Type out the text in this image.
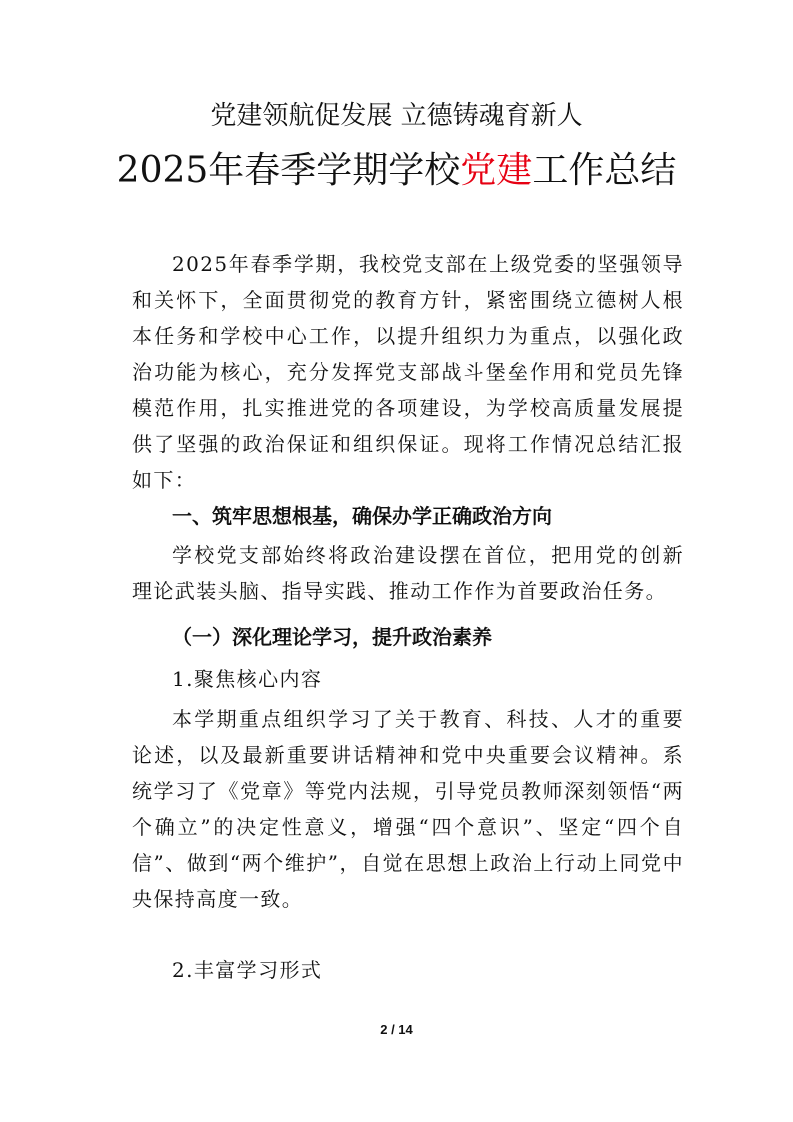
党建领航促发展 立德铸魂育新人
2025年春季学期学校党建工作总结

2025年春季学期，我校党支部在上级党委的坚强领导和关怀下，全面贯彻党的教育方针，紧密围绕立德树人根本任务和学校中心工作，以提升组织力为重点，以强化政治功能为核心，充分发挥党支部战斗堡垒作用和党员先锋模范作用，扎实推进党的各项建设，为学校高质量发展提供了坚强的政治保证和组织保证。现将工作情况总结汇报如下：

一、筑牢思想根基，确保办学正确政治方向

学校党支部始终将政治建设摆在首位，把用党的创新理论武装头脑、指导实践、推动工作作为首要政治任务。

（一）深化理论学习，提升政治素养

1.聚焦核心内容

本学期重点组织学习了关于教育、科技、人才的重要论述，以及最新重要讲话精神和党中央重要会议精神。系统学习了《党章》等党内法规，引导党员教师深刻领悟“两个确立”的决定性意义，增强“四个意识”、坚定“四个自信”、做到“两个维护”，自觉在思想上政治上行动上同党中央保持高度一致。

2.丰富学习形式

2 / 14
